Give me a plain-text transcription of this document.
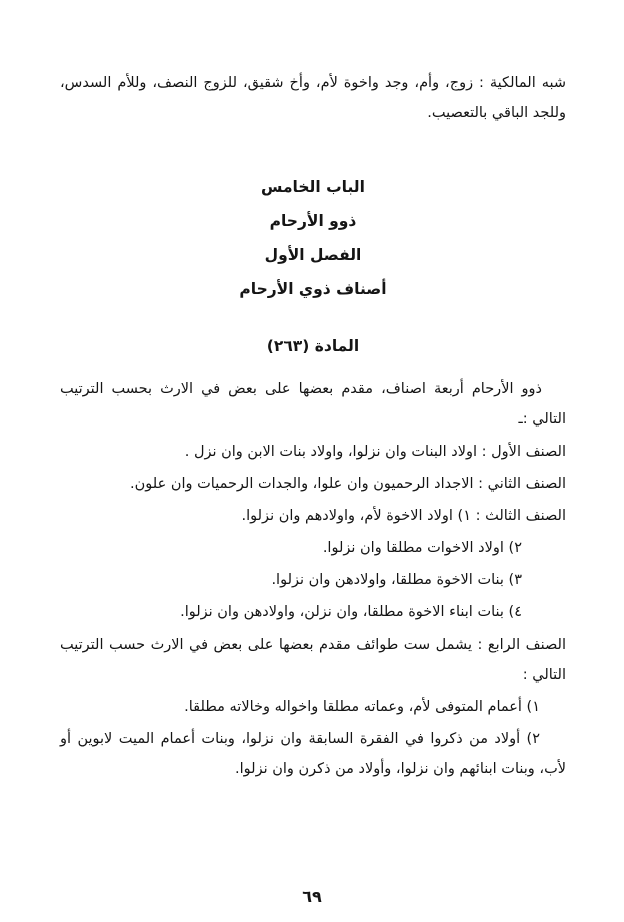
شبه المالكية : زوج، وأم، وجد واخوة لأم، وأخ شقيق، للزوج النصف، وللأم السدس، وللجد الباقي بالتعصيب.

الباب الخامس
ذوو الأرحام
الفصل الأول
أصناف ذوي الأرحام
المادة (٢٦٣)

ذوو الأرحام أربعة اصناف، مقدم بعضها على بعض في الارث بحسب الترتيب التالي :ـ

الصنف الأول : اولاد البنات وان نزلوا، واولاد بنات الابن وان نزل .

الصنف الثاني : الاجداد الرحميون وان علوا، والجدات الرحميات وان علون.

الصنف الثالث : ١) اولاد الاخوة لأم، واولادهم وان نزلوا.

٢) اولاد الاخوات مطلقا وان نزلوا.

٣) بنات الاخوة مطلقا، واولادهن وان نزلوا.

٤) بنات ابناء الاخوة مطلقا، وان نزلن، واولادهن وان نزلوا.

الصنف الرابع : يشمل ست طوائف مقدم بعضها على بعض في الارث حسب الترتيب التالي :

١) أعمام المتوفى لأم، وعماته مطلقا واخواله وخالاته مطلقا.

٢) أولاد من ذكروا في الفقرة السابقة وان نزلوا، وبنات أعمام الميت لابوين أو لأب، وبنات ابنائهم وان نزلوا، وأولاد من ذكرن وان نزلوا.

٦٩
